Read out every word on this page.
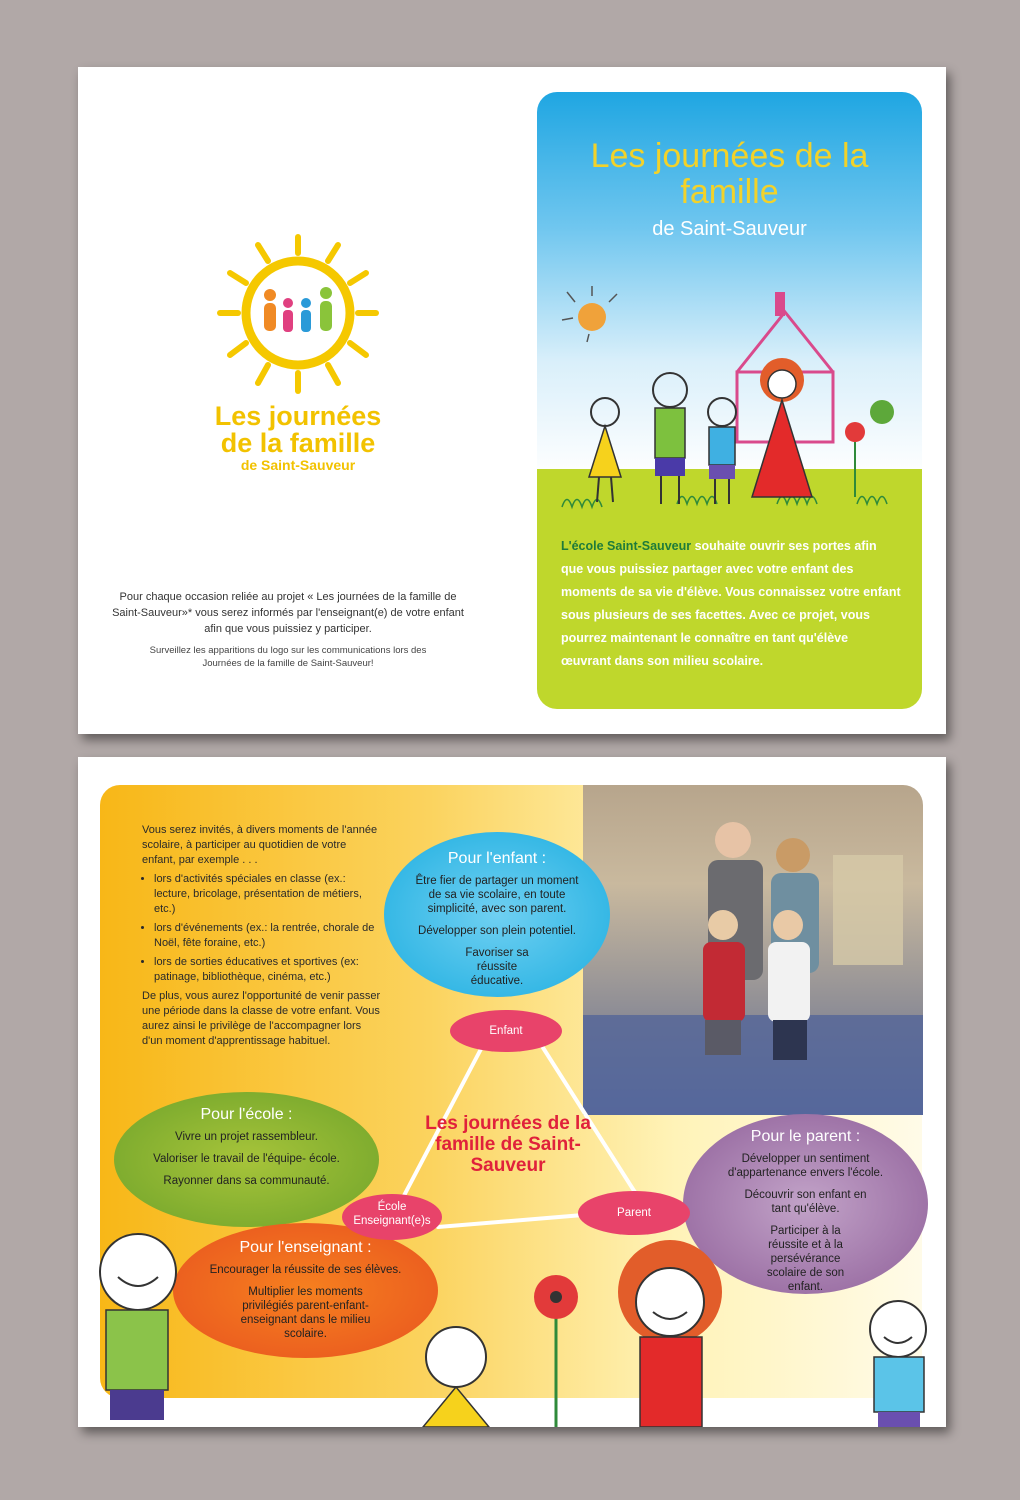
Les journées de la famille
de Saint-Sauveur
Pour chaque occasion reliée au projet « Les journées de la famille de Saint-Sauveur»* vous serez informés par l'enseignant(e) de votre enfant afin que vous puissiez y participer.
Surveillez les apparitions du logo sur les communications lors des Journées de la famille de Saint-Sauveur!
Les journées de la famille
de Saint-Sauveur
L'école Saint-Sauveur souhaite ouvrir ses portes afin que vous puissiez partager avec votre enfant des moments de sa vie d'élève. Vous connaissez votre enfant sous plusieurs de ses facettes. Avec ce projet, vous pourrez maintenant le connaître en tant qu'élève œuvrant dans son milieu scolaire.
Vous serez invités, à divers moments de l'année scolaire, à participer au quotidien de votre enfant, par exemple . . .
• lors d'activités spéciales en classe (ex.: lecture, bricolage, présentation de métiers, etc.)
• lors d'événements (ex.: la rentrée, chorale de Noël, fête foraine, etc.)
• lors de sorties éducatives et sportives (ex: patinage, bibliothèque, cinéma, etc.)
De plus, vous aurez l'opportunité de venir passer une période dans la classe de votre enfant. Vous aurez ainsi le privilège de l'accompagner lors d'un moment d'apprentissage habituel.
Pour l'enfant :

Être fier de partager un moment de sa vie scolaire, en toute simplicité, avec son parent.

Développer son plein potentiel.

Favoriser sa réussite éducative.

Pour l'école :

Vivre un projet rassembleur.

Valoriser le travail de l'équipe- école.

Rayonner dans sa communauté.

Pour l'enseignant :

Encourager la réussite de ses élèves.

Multiplier les moments privilégiés parent-enfant-enseignant dans le milieu scolaire.

Pour le parent :

Développer un sentiment d'appartenance envers l'école.

Découvrir son enfant en tant qu'élève.

Participer à la réussite et à la persévérance scolaire de son enfant.

Enfant
École
Enseignant(e)s
Parent
Les journées de la famille de Saint-Sauveur
